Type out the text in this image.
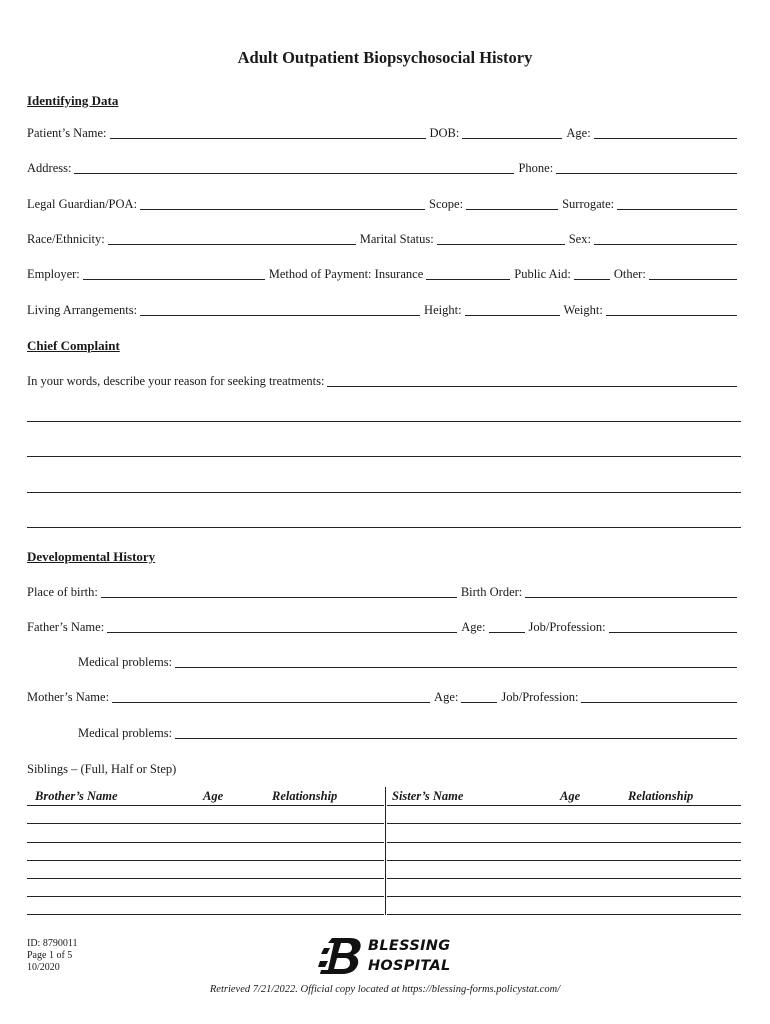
Adult Outpatient Biopsychosocial History
Identifying Data
Patient’s Name:	DOB:	Age:
Address:	Phone:
Legal Guardian/POA:	Scope:	Surrogate:
Race/Ethnicity:	Marital Status:	Sex:
Employer:	Method of Payment: Insurance	Public Aid:	Other:
Living Arrangements:	Height:	Weight:
Chief Complaint
In your words, describe your reason for seeking treatments:
Developmental History
Place of birth:	Birth Order:
Father’s Name:	Age:	Job/Profession:
Medical problems:
Mother’s Name:	Age:	Job/Profession:
Medical problems:
Siblings – (Full, Half or Step)
Brother’s Name	Age	Relationship	Sister’s Name	Age	Relationship
ID: 8790011
Page 1 of 5
10/2020
BLESSING
HOSPITAL
Retrieved 7/21/2022. Official copy located at https://blessing-forms.policystat.com/
